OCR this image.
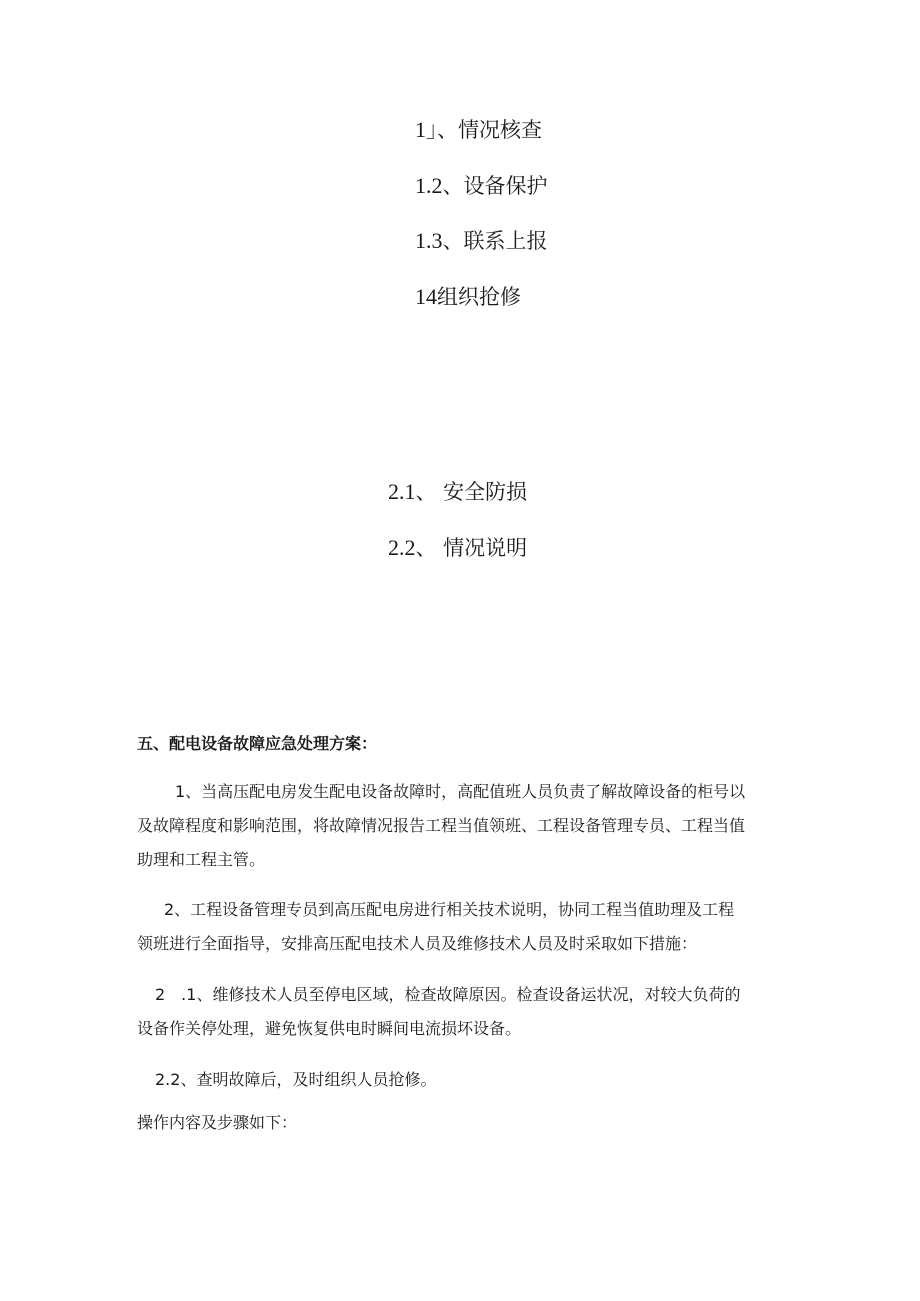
1」、情况核查
1.2、设备保护
1.3、联系上报
14组织抢修
2.1、 安全防损
2.2、 情况说明
五、配电设备故障应急处理方案：

1、当高压配电房发生配电设备故障时，高配值班人员负责了解故障设备的柜号以
及故障程度和影响范围，将故障情况报告工程当值领班、工程设备管理专员、工程当值
助理和工程主管。

2、工程设备管理专员到高压配电房进行相关技术说明，协同工程当值助理及工程
领班进行全面指导，安排高压配电技术人员及维修技术人员及时采取如下措施：

2　.1、维修技术人员至停电区域，检查故障原因。检查设备运状况，对较大负荷的
设备作关停处理，避免恢复供电时瞬间电流损坏设备。

2.2、查明故障后，及时组织人员抢修。

操作内容及步骤如下：
